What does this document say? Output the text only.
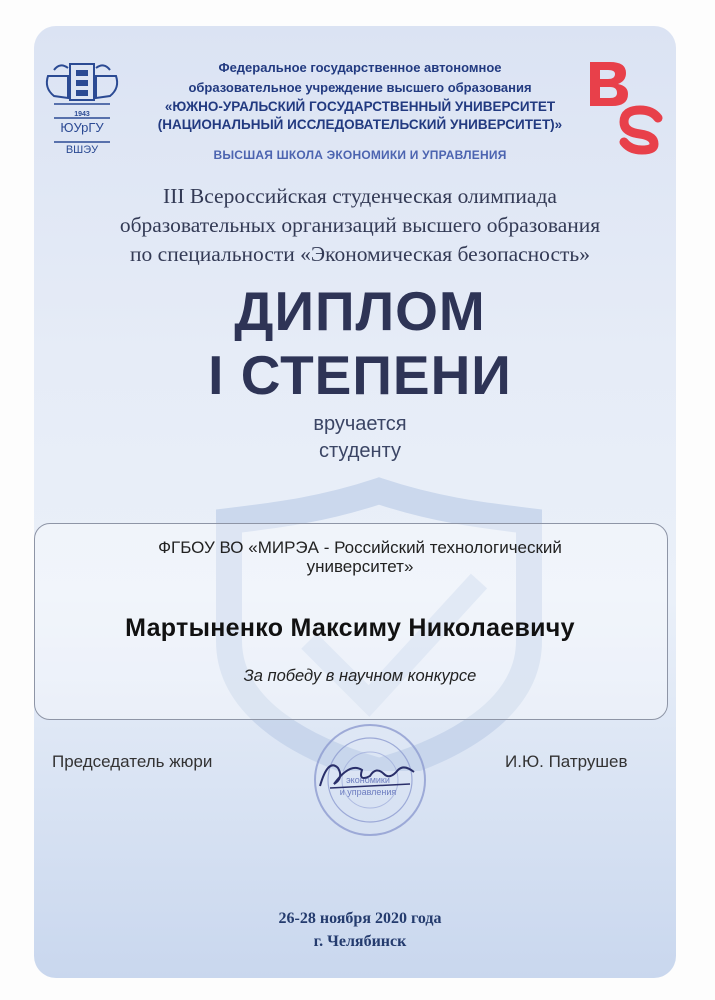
1943
ЮУрГУ
ВШЭУ
Федеральное государственное автономное
образовательное учреждение высшего образования
«ЮЖНО-УРАЛЬСКИЙ ГОСУДАРСТВЕННЫЙ УНИВЕРСИТЕТ
(НАЦИОНАЛЬНЫЙ ИССЛЕДОВАТЕЛЬСКИЙ УНИВЕРСИТЕТ)»
ВЫСШАЯ ШКОЛА ЭКОНОМИКИ И УПРАВЛЕНИЯ
III Всероссийская студенческая олимпиада
образовательных организаций высшего образования
по специальности «Экономическая безопасность»
ДИПЛОМ
I СТЕПЕНИ
вручается
студенту
ФГБОУ ВО «МИРЭА - Российский технологический
университет»
Мартыненко Максиму Николаевичу
За победу в научном конкурсе
Председатель жюри	И.Ю. Патрушев
экономики
и управления
26-28 ноября 2020 года
г. Челябинск
